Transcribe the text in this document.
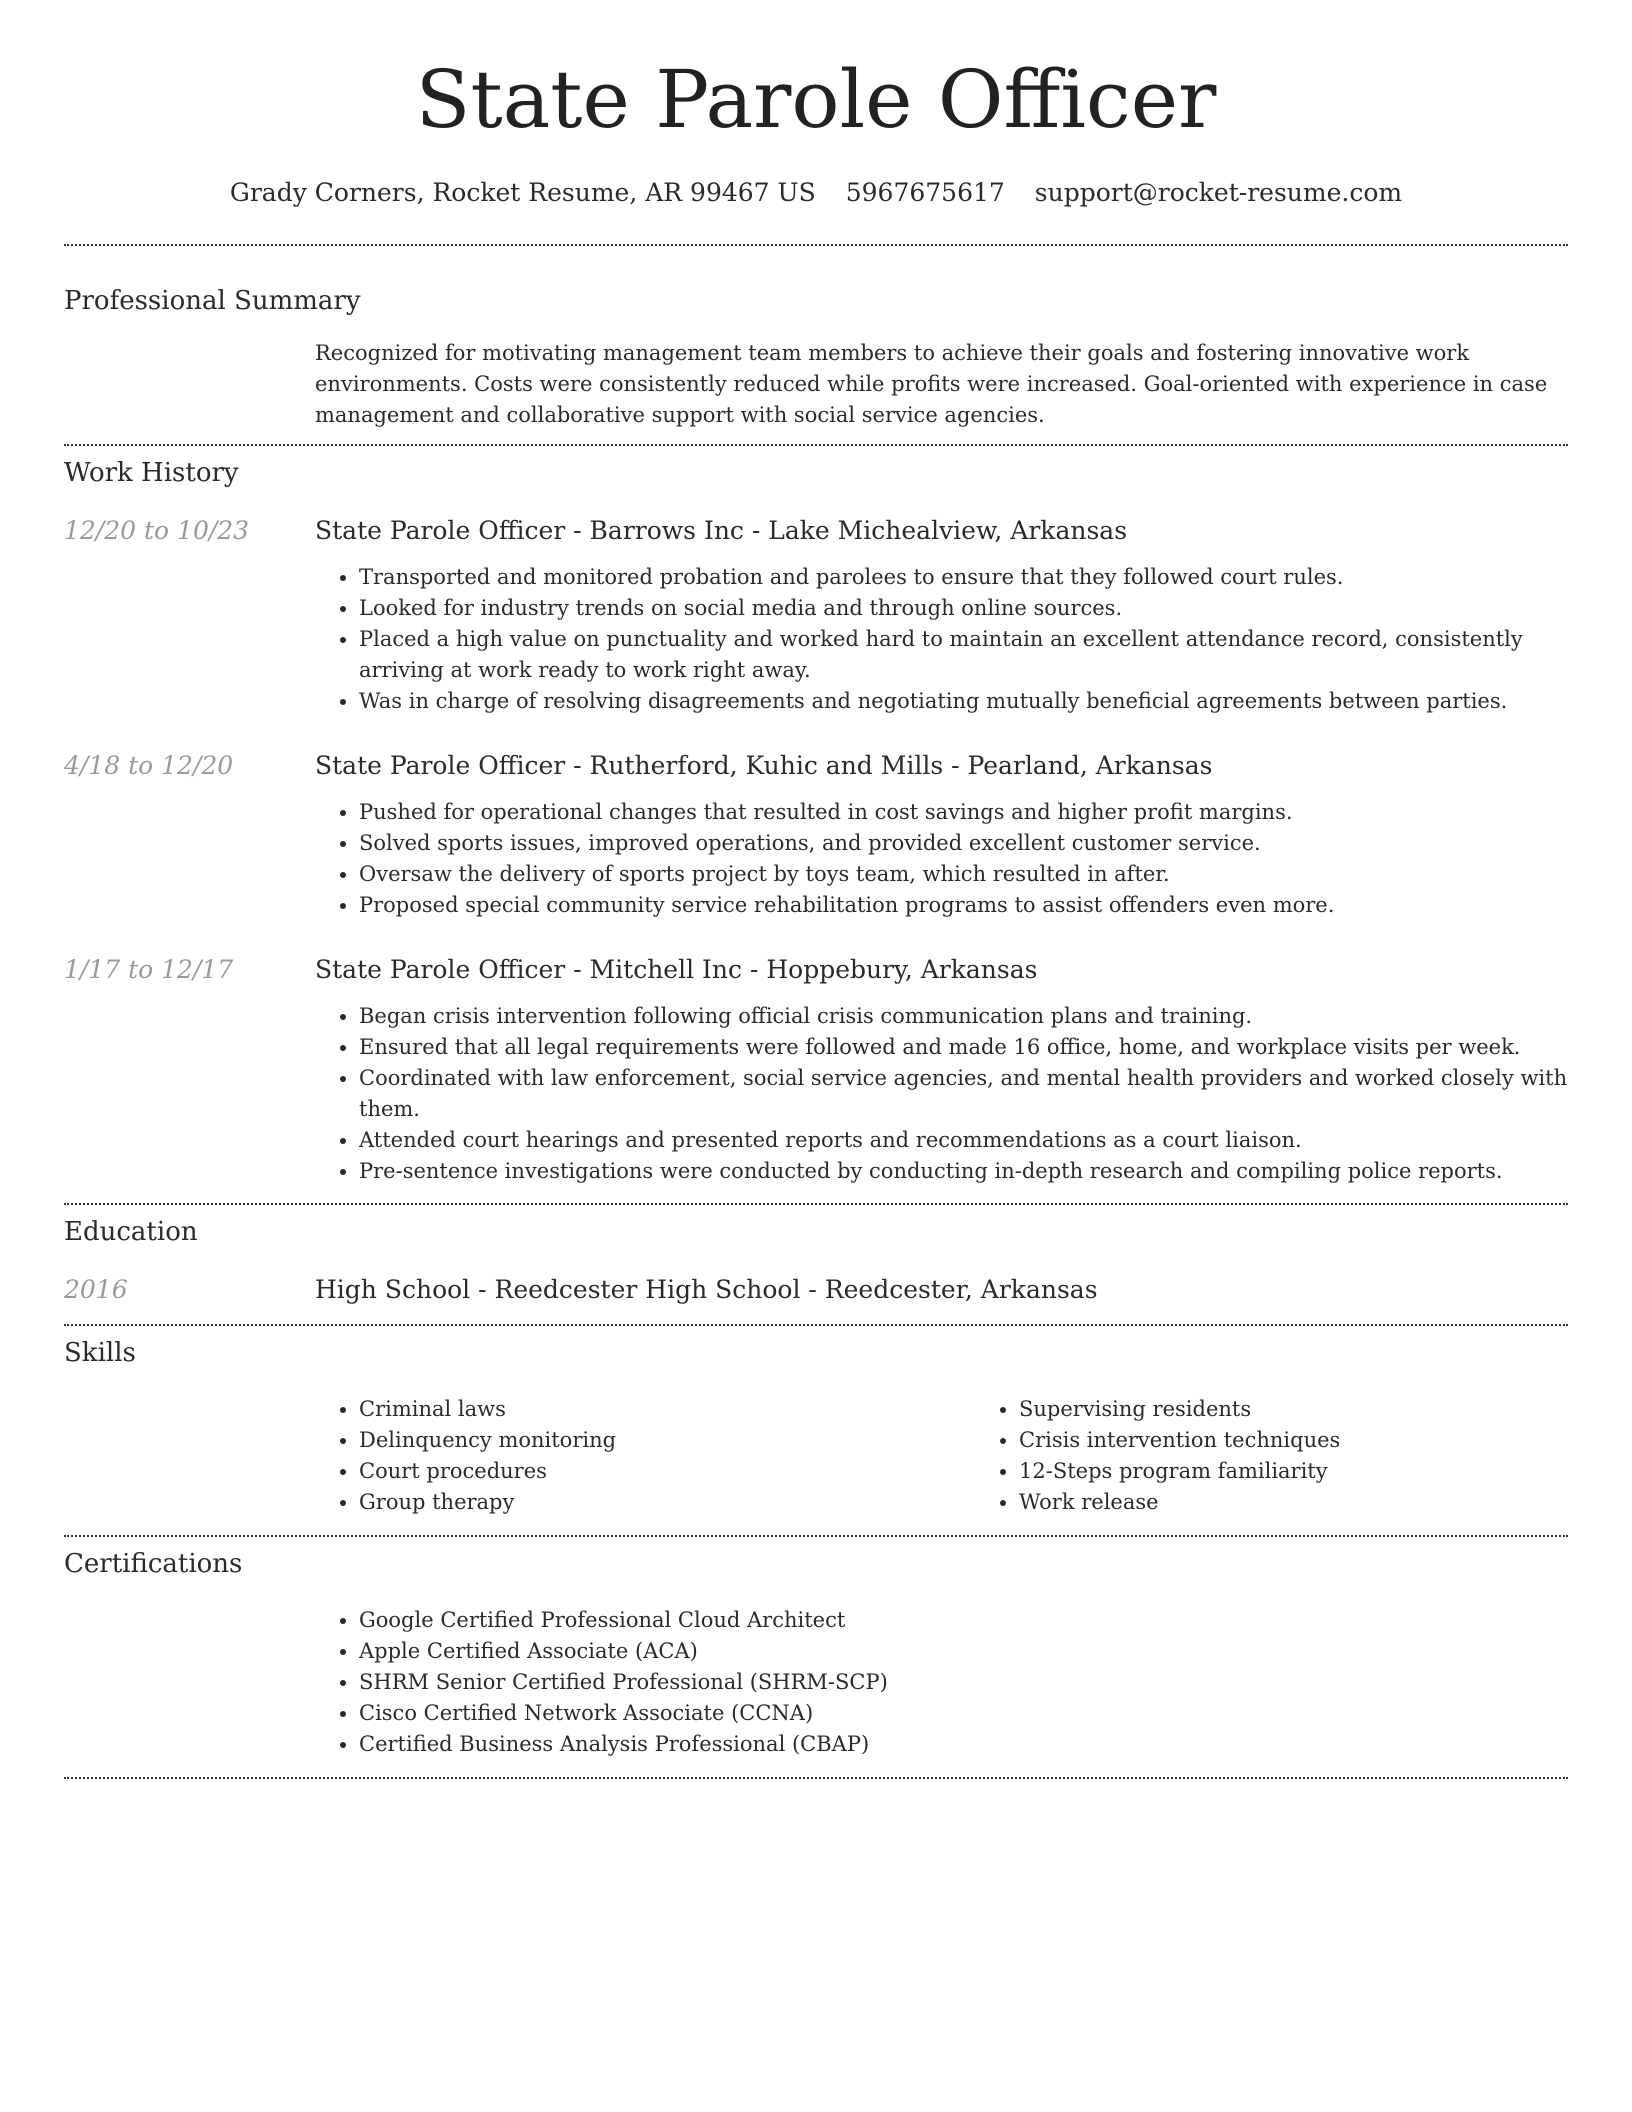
State Parole Officer
Grady Corners, Rocket Resume, AR 99467 US 5967675617 support@rocket-resume.com
Professional Summary

Recognized for motivating management team members to achieve their goals and fostering innovative work environments. Costs were consistently reduced while profits were increased. Goal-oriented with experience in case management and collaborative support with social service agencies.

Work History
12/20 to 10/23	State Parole Officer - Barrows Inc - Lake Michealview, Arkansas
• Transported and monitored probation and parolees to ensure that they followed court rules.
• Looked for industry trends on social media and through online sources.
• Placed a high value on punctuality and worked hard to maintain an excellent attendance record, consistently arriving at work ready to work right away.
• Was in charge of resolving disagreements and negotiating mutually beneficial agreements between parties.
4/18 to 12/20	State Parole Officer - Rutherford, Kuhic and Mills - Pearland, Arkansas
• Pushed for operational changes that resulted in cost savings and higher profit margins.
• Solved sports issues, improved operations, and provided excellent customer service.
• Oversaw the delivery of sports project by toys team, which resulted in after.
• Proposed special community service rehabilitation programs to assist offenders even more.
1/17 to 12/17	State Parole Officer - Mitchell Inc - Hoppebury, Arkansas
• Began crisis intervention following official crisis communication plans and training.
• Ensured that all legal requirements were followed and made 16 office, home, and workplace visits per week.
• Coordinated with law enforcement, social service agencies, and mental health providers and worked closely with them.
• Attended court hearings and presented reports and recommendations as a court liaison.
• Pre-sentence investigations were conducted by conducting in-depth research and compiling police reports.
Education
2016	High School - Reedcester High School - Reedcester, Arkansas
Skills
• Criminal laws
• Delinquency monitoring
• Court procedures
• Group therapy
• Supervising residents
• Crisis intervention techniques
• 12-Steps program familiarity
• Work release
Certifications
• Google Certified Professional Cloud Architect
• Apple Certified Associate (ACA)
• SHRM Senior Certified Professional (SHRM-SCP)
• Cisco Certified Network Associate (CCNA)
• Certified Business Analysis Professional (CBAP)
